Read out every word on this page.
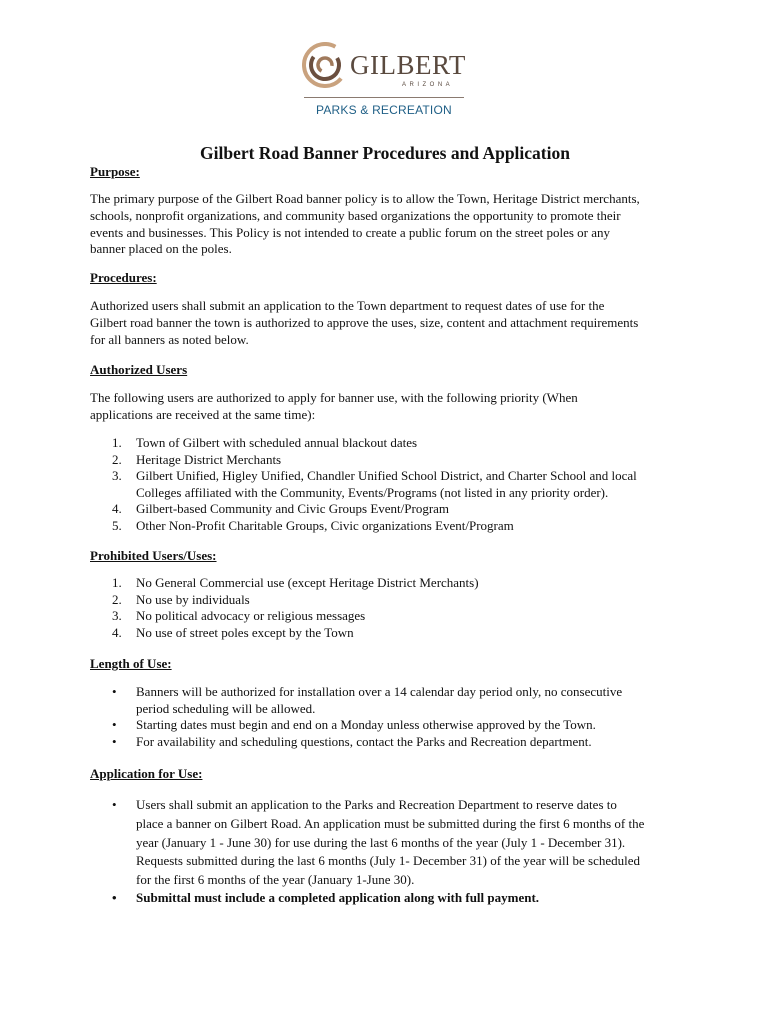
GILBERT
ARIZONA
PARKS & RECREATION
Gilbert Road Banner Procedures and Application
Purpose:
The primary purpose of the Gilbert Road banner policy is to allow the Town, Heritage District merchants,
schools, nonprofit organizations, and community based organizations the opportunity to promote their
events and businesses. This Policy is not intended to create a public forum on the street poles or any
banner placed on the poles.
Procedures:
Authorized users shall submit an application to the Town department to request dates of use for the
Gilbert road banner the town is authorized to approve the uses, size, content and attachment requirements
for all banners as noted below.
Authorized Users
The following users are authorized to apply for banner use, with the following priority (When
applications are received at the same time):
1. Town of Gilbert with scheduled annual blackout dates
2. Heritage District Merchants
3. Gilbert Unified, Higley Unified, Chandler Unified School District, and Charter School and local
Colleges affiliated with the Community, Events/Programs (not listed in any priority order).
4. Gilbert-based Community and Civic Groups Event/Program
5. Other Non-Profit Charitable Groups, Civic organizations Event/Program
Prohibited Users/Uses:
1. No General Commercial use (except Heritage District Merchants)
2. No use by individuals
3. No political advocacy or religious messages
4. No use of street poles except by the Town
Length of Use:
• Banners will be authorized for installation over a 14 calendar day period only, no consecutive
period scheduling will be allowed.
• Starting dates must begin and end on a Monday unless otherwise approved by the Town.
• For availability and scheduling questions, contact the Parks and Recreation department.
Application for Use:
• Users shall submit an application to the Parks and Recreation Department to reserve dates to
place a banner on Gilbert Road. An application must be submitted during the first 6 months of the
year (January 1 - June 30) for use during the last 6 months of the year (July 1 - December 31).
Requests submitted during the last 6 months (July 1- December 31) of the year will be scheduled
for the first 6 months of the year (January 1-June 30).
• Submittal must include a completed application along with full payment.
